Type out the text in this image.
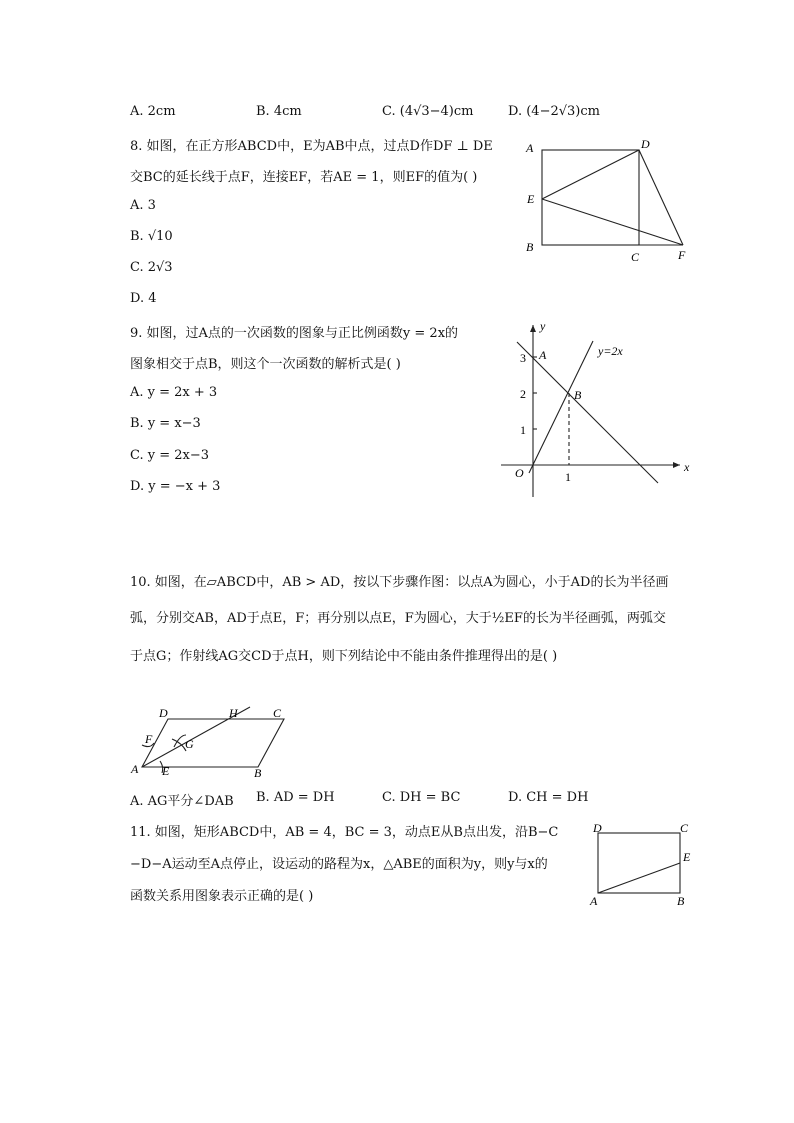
A. 2cm	B. 4cm	C. (4√3−4)cm	D. (4−2√3)cm
8. 如图，在正方形ABCD中，E为AB中点，过点D作DF ⊥ DE
交BC的延长线于点F，连接EF，若AE = 1，则EF的值为( )
A. 3
B. √10
C. 2√3
D. 4
A	D
E
B
C	F
9. 如图，过A点的一次函数的图象与正比例函数y = 2x的
图象相交于点B，则这个一次函数的解析式是( )
A. y = 2x + 3
B. y = x−3
C. y = 2x−3
D. y = −x + 3
y
x
O
A
B
y=2x
3
2
1
1
10. 如图，在▱ABCD中，AB > AD，按以下步骤作图：以点A为圆心，小于AD的长为半径画
弧，分别交AB，AD于点E，F；再分别以点E，F为圆心，大于½EF的长为半径画弧，两弧交
于点G；作射线AG交CD于点H，则下列结论中不能由条件推理得出的是( )
A	B
C
D
E
F	G
H
A. AG平分∠DAB B. AD = DH	C. DH = BC	D. CH = DH
11. 如图，矩形ABCD中，AB = 4，BC = 3，动点E从B点出发，沿B−C
−D−A运动至A点停止，设运动的路程为x，△ABE的面积为y，则y与x的
函数关系用图象表示正确的是( )	A	B
C
D
E
